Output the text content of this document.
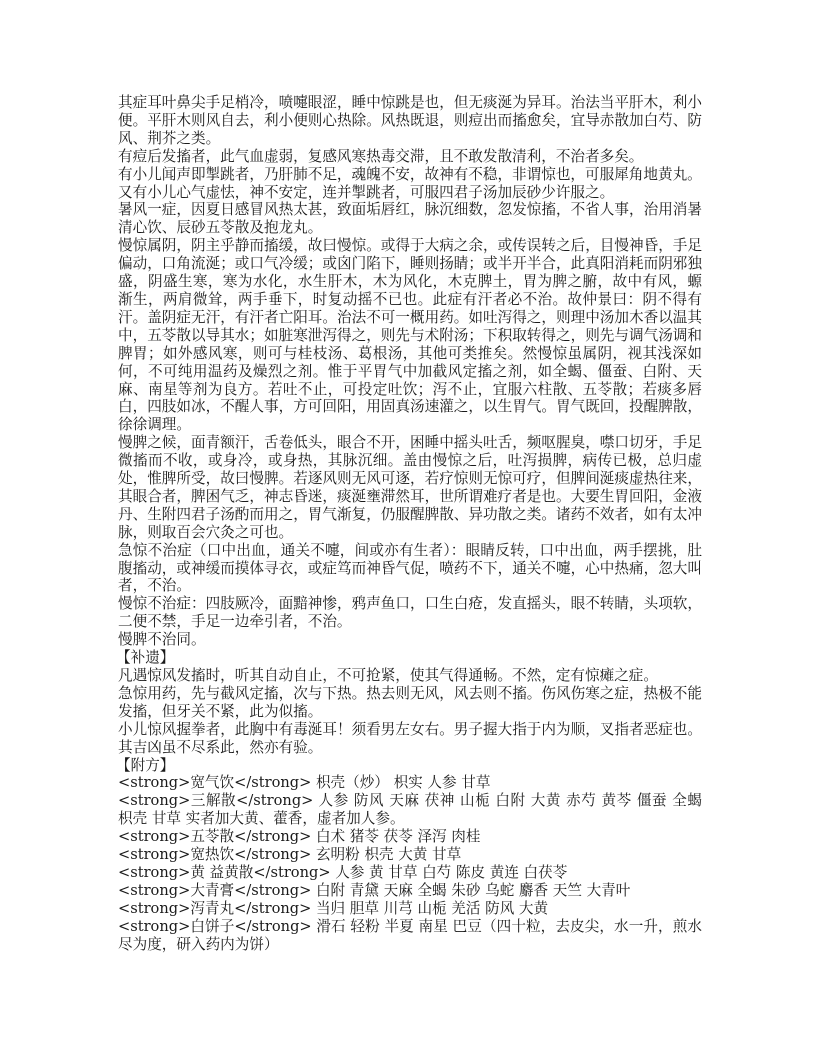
其症耳叶鼻尖手足梢冷，喷嚏眼涩，睡中惊跳是也，但无痰涎为异耳。治法当平肝木，利小便。平肝木则风自去，利小便则心热除。风热既退，则痘出而搐愈矣，宜导赤散加白芍、防风、荆芥之类。

有痘后发搐者，此气血虚弱，复感风寒热毒交滞，且不敢发散清利，不治者多矣。

有小儿闻声即掣跳者，乃肝肺不足，魂魄不安，故神有不稳，非谓惊也，可服犀角地黄丸。

又有小儿心气虚怯，神不安定，连并掣跳者，可服四君子汤加辰砂少许服之。

暑风一症，因夏日感冒风热太甚，致面垢唇红，脉沉细数，忽发惊搐，不省人事，治用消暑清心饮、辰砂五苓散及抱龙丸。

慢惊属阴，阴主乎静而搐缓，故曰慢惊。或得于大病之余，或传误转之后，目慢神昏，手足偏动，口角流涎；或口气冷缓；或囟门陷下，睡则扬睛；或半开半合，此真阳消耗而阴邪独盛，阴盛生寒，寒为水化，水生肝木，木为风化，木克脾土，胃为脾之腑，故中有风，螈 渐生，两肩微耸，两手垂下，时复动摇不已也。此症有汗者必不治。故仲景曰：阴不得有汗。盖阴症无汗，有汗者亡阳耳。治法不可一概用药。如吐泻得之，则理中汤加木香以温其中，五苓散以导其水；如脏寒泄泻得之，则先与术附汤；下积取转得之，则先与调气汤调和脾胃；如外感风寒，则可与桂枝汤、葛根汤，其他可类推矣。然慢惊虽属阴，视其浅深如何，不可纯用温药及燥烈之剂。惟于平胃气中加截风定搐之剂，如全蝎、僵蚕、白附、天麻、南星等剂为良方。若吐不止，可投定吐饮；泻不止，宜服六柱散、五苓散；若痰多唇白，四肢如冰，不醒人事，方可回阳，用固真汤速灌之，以生胃气。胃气既回，投醒脾散，徐徐调理。

慢脾之候，面青额汗，舌卷低头，眼合不开，困睡中摇头吐舌，频呕腥臭，噤口切牙，手足微搐而不收，或身冷，或身热，其脉沉细。盖由慢惊之后，吐泻损脾，病传已极，总归虚处，惟脾所受，故曰慢脾。若逐风则无风可逐，若疗惊则无惊可疗，但脾间涎痰虚热往来，其眼合者，脾困气乏，神志昏迷，痰涎壅滞然耳，世所谓难疗者是也。大要生胃回阳，金液丹、生附四君子汤酌而用之，胃气渐复，仍服醒脾散、异功散之类。诸药不效者，如有太冲脉，则取百会穴灸之可也。

急惊不治症（口中出血，通关不嚏，间或亦有生者）：眼睛反转，口中出血，两手摆挑，肚腹搐动，或神缓而摸体寻衣，或症笃而神昏气促，喷药不下，通关不嚏，心中热痛，忽大叫者，不治。

慢惊不治症：四肢厥冷，面黯神惨，鸦声鱼口，口生白疮，发直摇头，眼不转睛，头项软，二便不禁，手足一边牵引者，不治。

慢脾不治同。

【补遗】

凡遇惊风发搐时，听其自动自止，不可抢紧，使其气得通畅。不然，定有惊瘫之症。

急惊用药，先与截风定搐，次与下热。热去则无风，风去则不搐。伤风伤寒之症，热极不能发搐，但牙关不紧，此为似搐。

小儿惊风握拳者，此胸中有毒涎耳！须看男左女右。男子握大指于内为顺，叉指者恶症也。其吉凶虽不尽系此，然亦有验。

【附方】

<strong>宽气饮</strong> 枳壳（炒） 枳实 人参 甘草

<strong>三解散</strong> 人参 防风 天麻 茯神 山栀 白附 大黄 赤芍 黄芩 僵蚕 全蝎 枳壳 甘草 实者加大黄、藿香，虚者加人参。

<strong>五苓散</strong> 白术 猪苓 茯苓 泽泻 肉桂

<strong>宽热饮</strong> 玄明粉 枳壳 大黄 甘草

<strong>黄 益黄散</strong> 人参 黄 甘草 白芍 陈皮 黄连 白茯苓

<strong>大青膏</strong> 白附 青黛 天麻 全蝎 朱砂 乌蛇 麝香 天竺 大青叶

<strong>泻青丸</strong> 当归 胆草 川芎 山栀 羌活 防风 大黄

<strong>白饼子</strong> 滑石 轻粉 半夏 南星 巴豆（四十粒，去皮尖，水一升，煎水尽为度，研入药内为饼）
